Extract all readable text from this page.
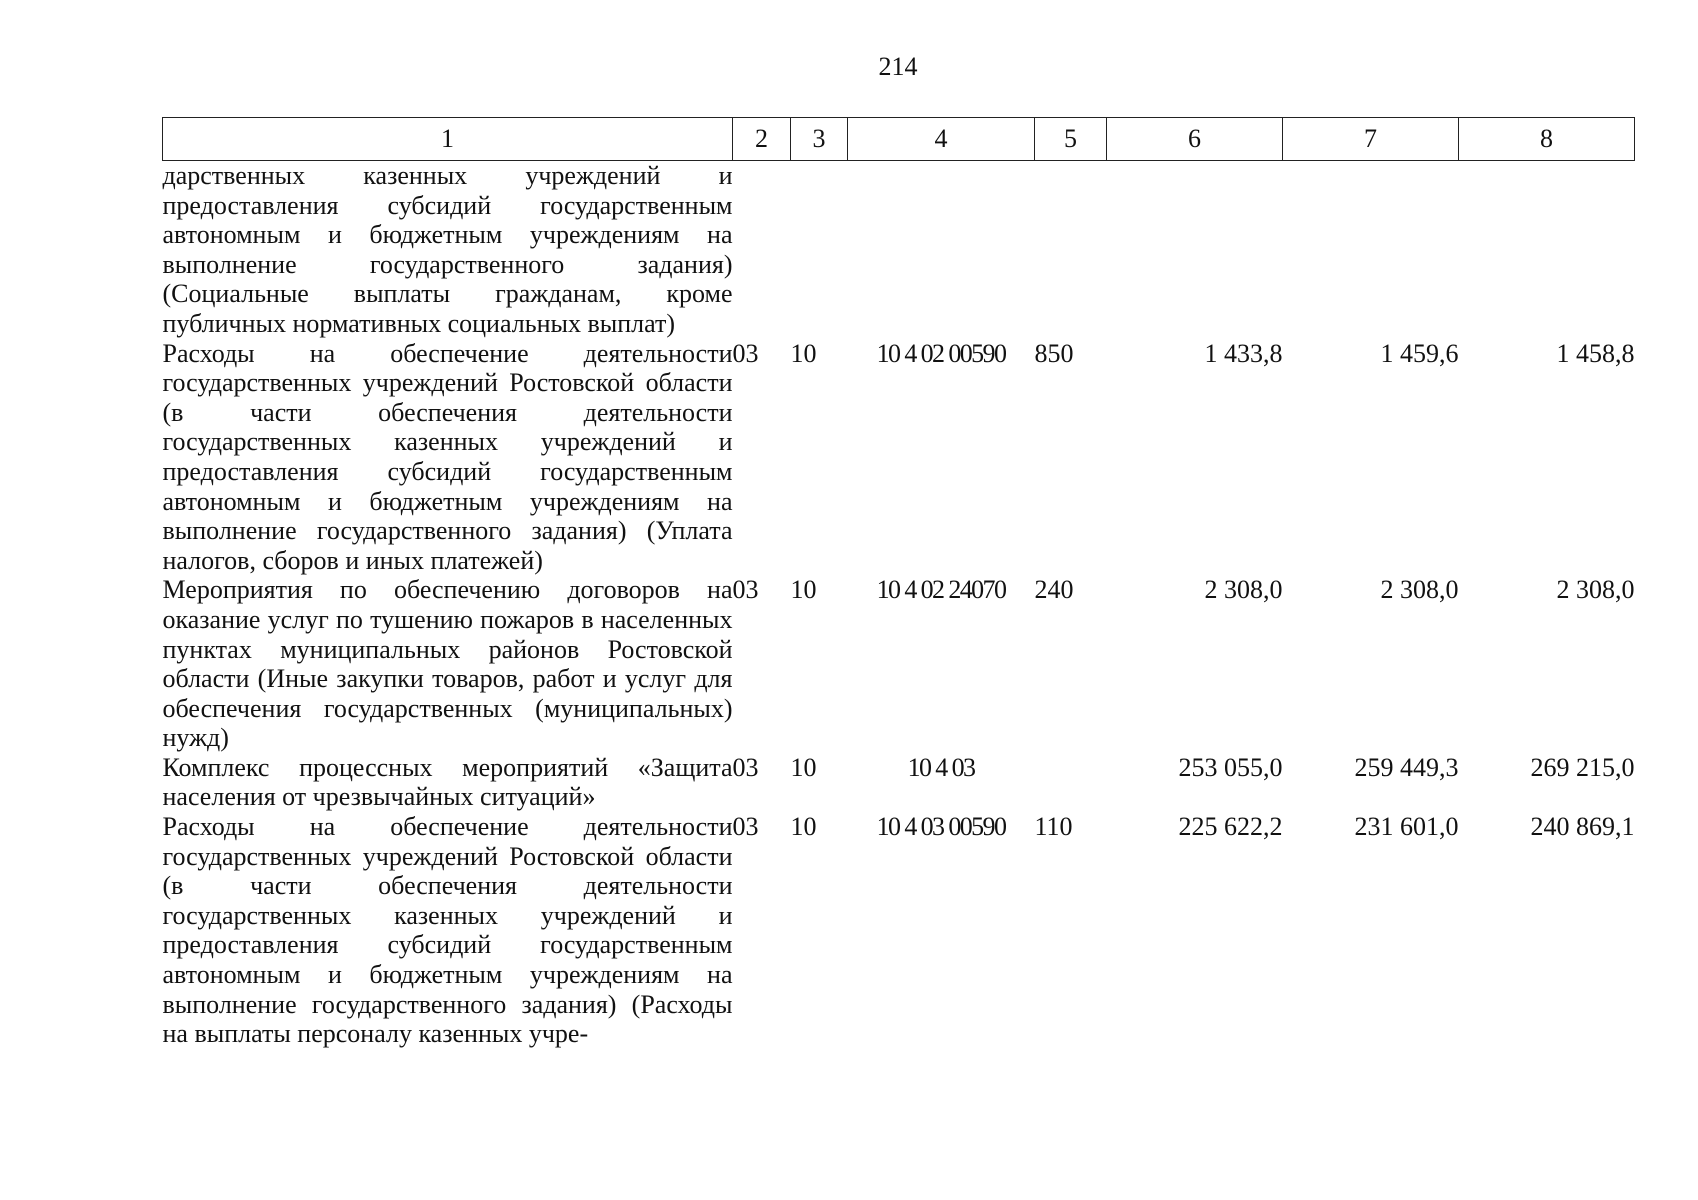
214
1	2	3	4	5	6	7	8
дарственных казенных учреждений и предоставления субсидий государственным автономным и бюджетным учреждениям на выполнение государственного задания) (Социальные выплаты гражданам, кроме публичных нормативных социальных выплат)							
Расходы на обеспечение деятельности государственных учреждений Ростовской области (в части обеспечения деятельности государственных казенных учреждений и предоставления субсидий государственным автономным и бюджетным учреждениям на выполнение государственного задания) (Уплата налогов, сборов и иных платежей)	03	10	10 4 02 00590	850	1 433,8	1 459,6	1 458,8
Мероприятия по обеспечению договоров на оказание услуг по тушению пожаров в населенных пунктах муниципальных районов Ростовской области (Иные закупки товаров, работ и услуг для обеспечения государственных (муниципальных) нужд)	03	10	10 4 02 24070	240	2 308,0	2 308,0	2 308,0
Комплекс процессных мероприятий «Защита населения от чрезвычайных ситуаций»	03	10	10 4 03		253 055,0	259 449,3	269 215,0
Расходы на обеспечение деятельности государственных учреждений Ростовской области (в части обеспечения деятельности государственных казенных учреждений и предоставления субсидий государственным автономным и бюджетным учреждениям на выполнение государственного задания) (Расходы на выплаты персоналу казенных учре-	03	10	10 4 03 00590	110	225 622,2	231 601,0	240 869,1
